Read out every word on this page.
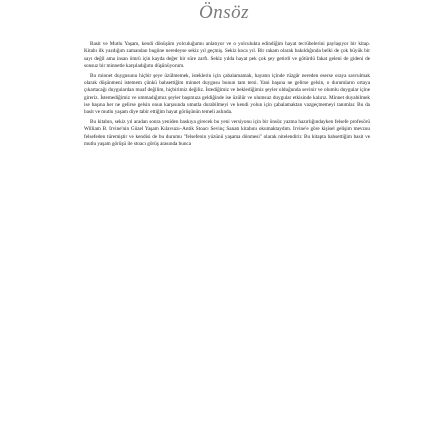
Önsöz

Basit ve Mutlu Yaşam, kendi dönüşüm yolculuğumu anlatıyor ve o yolculukta edindiğim hayat tecrübelerini paylaşıyor bir kitap. Kitabı ilk yazdığım zamandan bugüne neredeyse sekiz yıl geçmiş. Sekiz koca yıl. Bir rakam olarak bakıldığında belki de çok büyük bir sayı değil ama insan ömrü için kayda değer bir süre zarfı. Sekiz yılda hayat pek çok şey getirdi ve götürdü fakat geleni de gideni de sonsuz bir minnetle karşıladığımı düşünüyorum.

Bu minnet duygusunu hiçbir şeye üzülmemek, isteklerin için çabalamamak, hayatın içinde rüzgâr nereden eserse oraya savrulmak olarak düşünmeni istemem çünkü bahsettiğim minnet duygusu bunun tam tersi. Yani başına ne gelirse gelsin, o durumların ortaya çıkartacağı duygulardan muaf değilim, hiçbirimiz değiliz. İstediğimiz ve beklediğimiz şeyler olduğunda sevinir ve olumlu duygular içine gireriz. İstemediğimiz ve ummadığımız şeyler başımıza geldiğinde ise üzülür ve olumsuz duygular etkisinde kalırız. Minnet duyabilmek ise başına her ne gelirse gelsin onun karşısında umutla durabilmeyi ve kendi yolun için çabalamaktan vazgeçmemeyi tanımlar. Bu da basit ve mutlu yaşam diye tabir ettiğim hayat görüşünün temeli aslında.

Bu kitabın, sekiz yıl aradan sonra yeniden baskıya girecek bu yeni versiyonu için bir önsöz yazma hazırlığındayken felsefe profesörü William B. Irvine'nin Güzel Yaşam Kılavuzu–Antik Stoacı Sevinç Sanatı kitabını okumaktaydım. Irvine'e göre kişisel gelişim mevzuu felsefeden türemiştir ve kendisi de bu durumu "felsefenin yüzünü yaşama dönmesi" olarak nitelendirir. Bu kitapta bahsettiğim basit ve mutlu yaşam görüşü ile stoacı görüş arasında bunca
